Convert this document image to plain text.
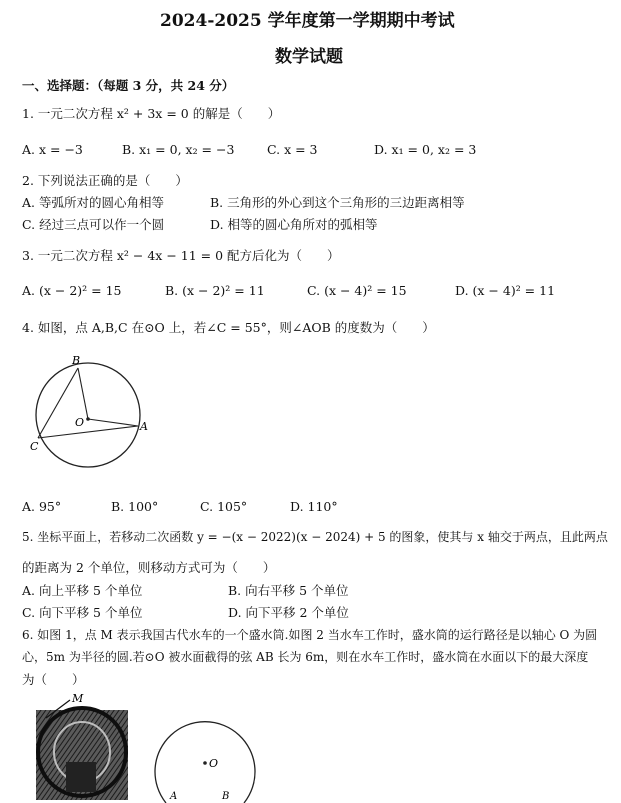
2024-2025 学年度第一学期期中考试
数学试题
一、选择题：（每题 3 分，共 24 分）
1. 一元二次方程 x² + 3x = 0 的解是（　　）
A. x = −3	B. x₁ = 0, x₂ = −3	C. x = 3	D. x₁ = 0, x₂ = 3
2. 下列说法正确的是（　　）
A. 等弧所对的圆心角相等	B. 三角形的外心到这个三角形的三边距离相等
C. 经过三点可以作一个圆	D. 相等的圆心角所对的弧相等
3. 一元二次方程 x² − 4x − 11 = 0 配方后化为（　　）
A. (x − 2)² = 15	B. (x − 2)² = 11	C. (x − 4)² = 15	D. (x − 4)² = 11
4. 如图，点 A,B,C 在⊙O 上，若∠C = 55°，则∠AOB 的度数为（　　）
B
A
C
O
A. 95°	B. 100°	C. 105°	D. 110°
5. 坐标平面上，若移动二次函数 y = −(x − 2022)(x − 2024) + 5 的图象，使其与 x 轴交于两点，且此两点
的距离为 2 个单位，则移动方式可为（　　）
A. 向上平移 5 个单位	B. 向右平移 5 个单位
C. 向下平移 5 个单位	D. 向下平移 2 个单位
6. 如图 1，点 M 表示我国古代水车的一个盛水筒.如图 2 当水车工作时，盛水筒的运行路径是以轴心 O 为圆
心，5m 为半径的圆.若⊙O 被水面截得的弦 AB 长为 6m，则在水车工作时，盛水筒在水面以下的最大深度
为（　　）
M
O
A	B
